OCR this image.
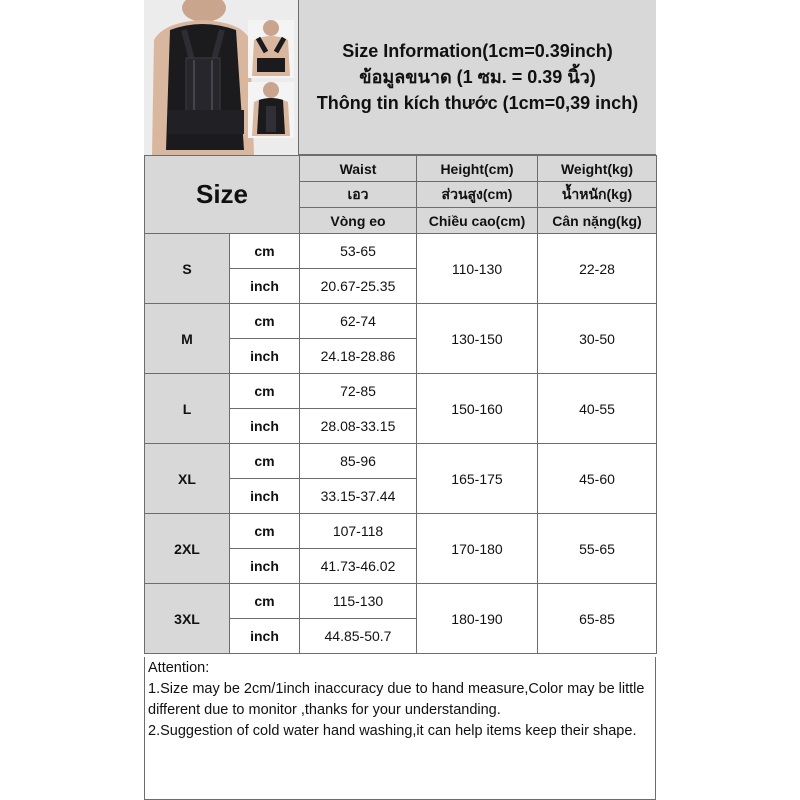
Size Information(1cm=0.39inch)
ข้อมูลขนาด (1 ซม. = 0.39 นิ้ว)
Thông tin kích thước (1cm=0,39 inch)
Size		Waist	Height(cm)	Weight(kg)
		เอว	ส่วนสูง(cm)	น้ำหนัก(kg)
		Vòng eo	Chiều cao(cm)	Cân nặng(kg)
S	cm	53-65	110-130	22-28
	inch	20.67-25.35		
M	cm	62-74	130-150	30-50
	inch	24.18-28.86		
L	cm	72-85	150-160	40-55
	inch	28.08-33.15		
XL	cm	85-96	165-175	45-60
	inch	33.15-37.44		
2XL	cm	107-118	170-180	55-65
	inch	41.73-46.02		
3XL	cm	115-130	180-190	65-85
	inch	44.85-50.7		
Attention:
1.Size may be 2cm/1inch inaccuracy due to hand measure,Color may be little different due to monitor ,thanks for your understanding.
2.Suggestion of cold water hand washing,it can help items keep their shape.
